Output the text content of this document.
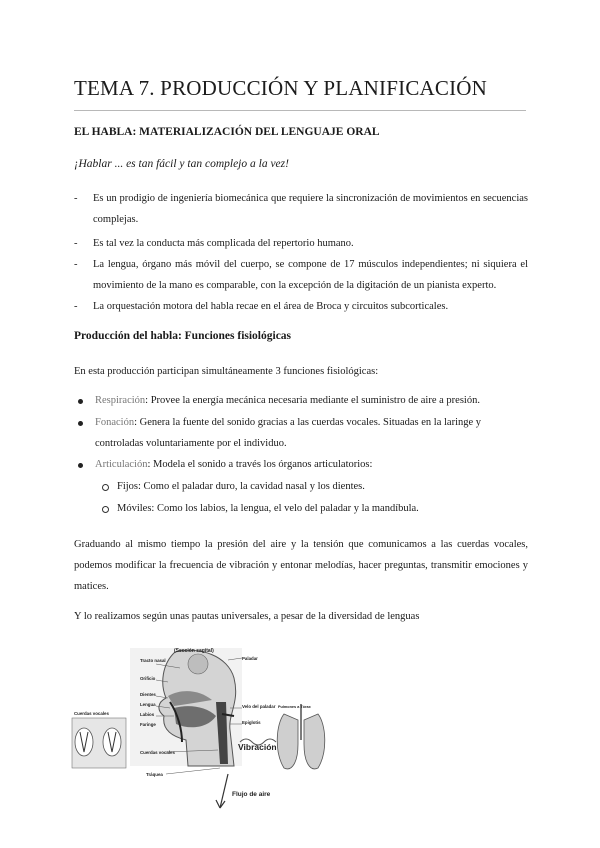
TEMA 7. PRODUCCIÓN Y PLANIFICACIÓN
EL HABLA: MATERIALIZACIÓN DEL LENGUAJE ORAL
¡Hablar ... es tan fácil y tan complejo a la vez!
- Es un prodigio de ingeniería biomecánica que requiere la sincronización de movimientos en secuencias complejas.
- Es tal vez la conducta más complicada del repertorio humano.
- La lengua, órgano más móvil del cuerpo, se compone de 17 músculos independientes; ni siquiera el movimiento de la mano es comparable, con la excepción de la digitación de un pianista experto.
- La orquestación motora del habla recae en el área de Broca y circuitos subcorticales.
Producción del habla: Funciones fisiológicas
En esta producción participan simultáneamente 3 funciones fisiológicas:
Respiración: Provee la energía mecánica necesaria mediante el suministro de aire a presión.
Fonación: Genera la fuente del sonido gracias a las cuerdas vocales. Situadas en la laringe y controladas voluntariamente por el individuo.
Articulación: Modela el sonido a través los órganos articulatorios:
Fijos: Como el paladar duro, la cavidad nasal y los dientes.
Móviles: Como los labios, la lengua, el velo del paladar y la mandíbula.
Graduando al mismo tiempo la presión del aire y la tensión que comunicamos a las cuerdas vocales, podemos modificar la frecuencia de vibración y entonar melodías, hacer preguntas, transmitir emociones y matices.
Y lo realizamos según unas pautas universales, a pesar de la diversidad de lenguas
(Sección sagital)
Tracto nasal	Paladar
Orificio
Dientes
Lengua
Labios
Faringe
Velo del paladar
Epiglotis
Cuerdas vocales
Cuerdas vocales
Tráquea
Vibración
Flujo de aire
Pulmones a Tórax
